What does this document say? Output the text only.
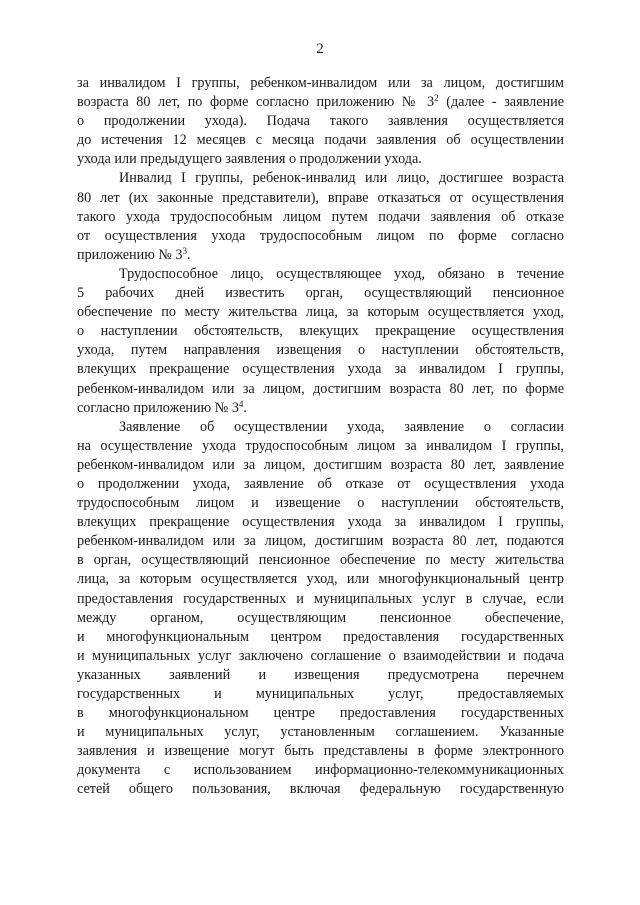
2
за инвалидом I группы, ребенком-инвалидом или за лицом, достигшим
возраста 80 лет, по форме согласно приложению № $3^2$ (далее - заявление
о продолжении ухода). Подача такого заявления осуществляется
до истечения 12 месяцев с месяца подачи заявления об осуществлении
ухода или предыдущего заявления о продолжении ухода.
Инвалид I группы, ребенок-инвалид или лицо, достигшее возраста
80 лет (их законные представители), вправе отказаться от осуществления
такого ухода трудоспособным лицом путем подачи заявления об отказе
от осуществления ухода трудоспособным лицом по форме согласно
приложению № $3^3$.
Трудоспособное лицо, осуществляющее уход, обязано в течение
5 рабочих дней известить орган, осуществляющий пенсионное
обеспечение по месту жительства лица, за которым осуществляется уход,
о наступлении обстоятельств, влекущих прекращение осуществления
ухода, путем направления извещения о наступлении обстоятельств,
влекущих прекращение осуществления ухода за инвалидом I группы,
ребенком-инвалидом или за лицом, достигшим возраста 80 лет, по форме
согласно приложению № $3^4$.
Заявление об осуществлении ухода, заявление о согласии
на осуществление ухода трудоспособным лицом за инвалидом I группы,
ребенком-инвалидом или за лицом, достигшим возраста 80 лет, заявление
о продолжении ухода, заявление об отказе от осуществления ухода
трудоспособным лицом и извещение о наступлении обстоятельств,
влекущих прекращение осуществления ухода за инвалидом I группы,
ребенком-инвалидом или за лицом, достигшим возраста 80 лет, подаются
в орган, осуществляющий пенсионное обеспечение по месту жительства
лица, за которым осуществляется уход, или многофункциональный центр
предоставления государственных и муниципальных услуг в случае, если
между органом, осуществляющим пенсионное обеспечение,
и многофункциональным центром предоставления государственных
и муниципальных услуг заключено соглашение о взаимодействии и подача
указанных заявлений и извещения предусмотрена перечнем
государственных и муниципальных услуг, предоставляемых
в многофункциональном центре предоставления государственных
и муниципальных услуг, установленным соглашением. Указанные
заявления и извещение могут быть представлены в форме электронного
документа с использованием информационно-телекоммуникационных
сетей общего пользования, включая федеральную государственную
